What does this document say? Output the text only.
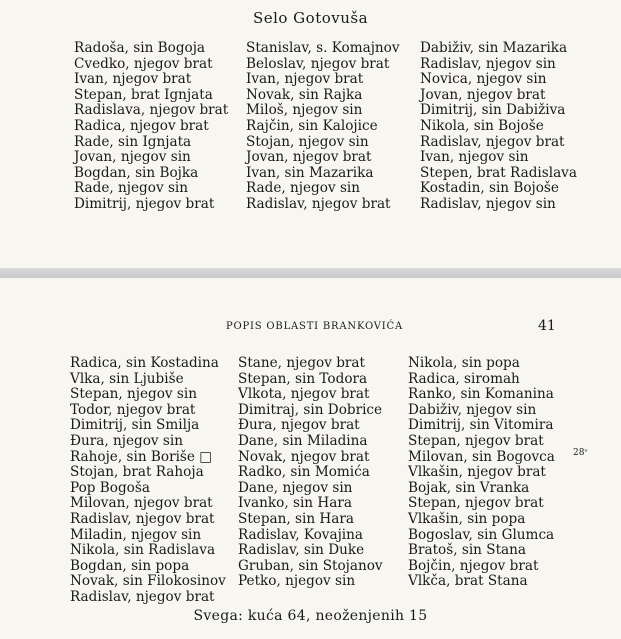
Selo Gotovuša
Radoša, sin Bogoja
Cvedko, njegov brat
Ivan, njegov brat
Stepan, brat Ignjata
Radislava, njegov brat
Radica, njegov brat
Rade, sin Ignjata
Jovan, njegov sin
Bogdan, sin Bojka
Rade, njegov sin
Dimitrij, njegov brat
Stanislav, s. Komajnov
Beloslav, njegov brat
Ivan, njegov brat
Novak, sin Rajka
Miloš, njegov sin
Rajčin, sin Kalojice
Stojan, njegov sin
Jovan, njegov brat
Ivan, sin Mazarika
Rade, njegov sin
Radislav, njegov brat
Dabiživ, sin Mazarika
Radislav, njegov sin
Novica, njegov sin
Jovan, njegov brat
Dimitrij, sin Dabiživa
Nikola, sin Bojoše
Radislav, njegov brat
Ivan, njegov sin
Stepen, brat Radislava
Kostadin, sin Bojoše
Radislav, njegov sin
POPIS OBLASTI BRANKOVIĆA	41
Radica, sin Kostadina
Vlka, sin Ljubiše
Stepan, njegov sin
Todor, njegov brat
Dimitrij, sin Smilja
Đura, njegov sin
Rahoje, sin Boriše □
Stojan, brat Rahoja
Pop Bogoša
Milovan, njegov brat
Radislav, njegov brat
Miladin, njegov sin
Nikola, sin Radislava
Bogdan, sin popa
Novak, sin Filokosinov
Radislav, njegov brat
Stane, njegov brat
Stepan, sin Todora
Vlkota, njegov brat
Dimitraj, sin Dobrice
Đura, njegov brat
Dane, sin Miladina
Novak, njegov brat
Radko, sin Momića
Dane, njegov sin
Ivanko, sin Hara
Stepan, sin Hara
Radislav, Kovajina
Radislav, sin Duke
Gruban, sin Stojanov
Petko, njegov sin
Nikola, sin popa
Radica, siromah
Ranko, sin Komanina
Dabiživ, njegov sin
Dimitrij, sin Vitomira
Stepan, njegov brat
Milovan, sin Bogovca
Vlkašin, njegov brat
Bojak, sin Vranka
Stepan, njegov brat
Vlkašin, sin popa
Bogoslav, sin Glumca
Bratoš, sin Stana
Bojčin, njegov brat
Vlkča, brat Stana
28ᵛ
Svega: kuća 64, neoženjenih 15
